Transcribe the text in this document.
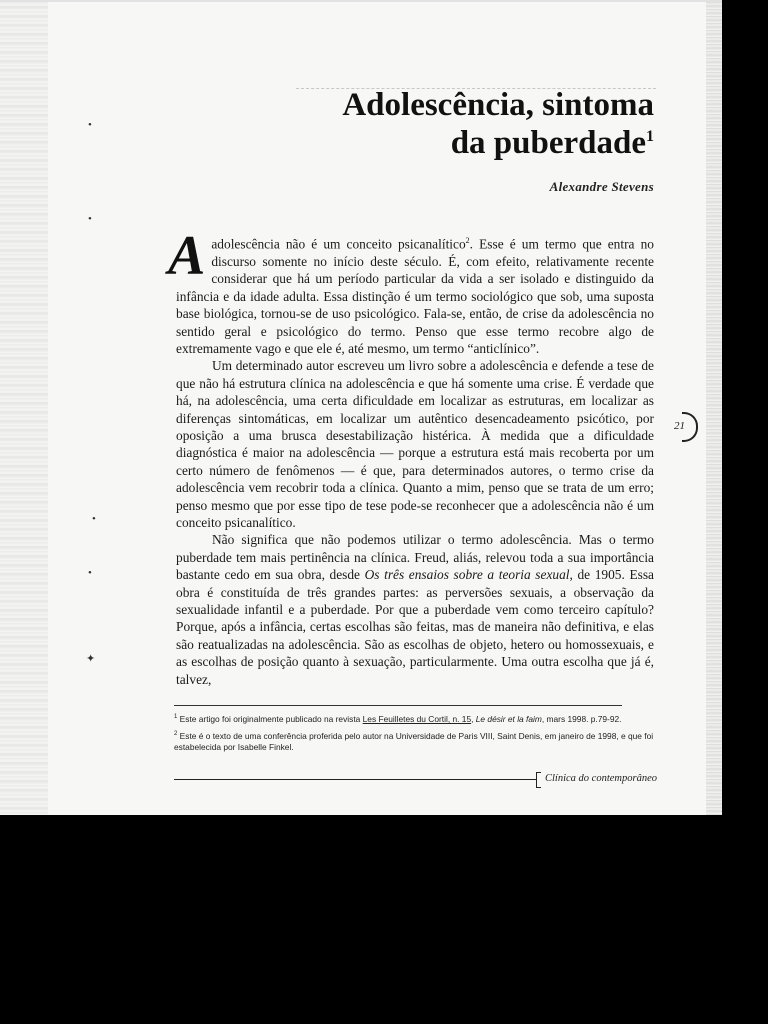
•
•
•
•
✦
Adolescência, sintoma
da puberdade$^1$
Alexandre Stevens

Aadolescência não é um conceito psicanalítico$^2$. Esse é um termo que entra no discurso somente no início deste século. É, com efeito, relativamente recente considerar que há um período particular da vida a ser isolado e distinguido da infância e da idade adulta. Essa distinção é um termo sociológico que sob, uma suposta base biológica, tornou-se de uso psicológico. Fala-se, então, de crise da adolescência no sentido geral e psicológico do termo. Penso que esse termo recobre algo de extremamente vago e que ele é, até mesmo, um termo “anticlínico”.

Um determinado autor escreveu um livro sobre a adolescência e defende a tese de que não há estrutura clínica na adolescência e que há somente uma crise. É verdade que há, na adolescência, uma certa dificuldade em localizar as estruturas, em localizar as diferenças sintomáticas, em localizar um autêntico desencadeamento psicótico, por oposição a uma brusca desestabilização histérica. À medida que a dificuldade diagnóstica é maior na adolescência — porque a estrutura está mais recoberta por um certo número de fenômenos — é que, para determinados autores, o termo crise da adolescência vem recobrir toda a clínica. Quanto a mim, penso que se trata de um erro; penso mesmo que por esse tipo de tese pode-se reconhecer que a adolescência não é um conceito psicanalítico.

Não significa que não podemos utilizar o termo adolescência. Mas o termo puberdade tem mais pertinência na clínica. Freud, aliás, relevou toda a sua importância bastante cedo em sua obra, desde Os três ensaios sobre a teoria sexual, de 1905. Essa obra é constituída de três grandes partes: as perversões sexuais, a observação da sexualidade infantil e a puberdade. Por que a puberdade vem como terceiro capítulo? Porque, após a infância, certas escolhas são feitas, mas de maneira não definitiva, e elas são reatualizadas na adolescência. São as escolhas de objeto, hetero ou homossexuais, e as escolhas de posição quanto à sexuação, particularmente. Uma outra escolha que já é, talvez,

21

$^1$ Este artigo foi originalmente publicado na revista Les Feuilletes du Cortil, n. 15, Le désir et la faim, mars 1998. p.79-92.

$^2$ Este é o texto de uma conferência proferida pelo autor na Universidade de Paris VIII, Saint Denis, em janeiro de 1998, e que foi estabelecida por Isabelle Finkel.

Clínica do contemporâneo
